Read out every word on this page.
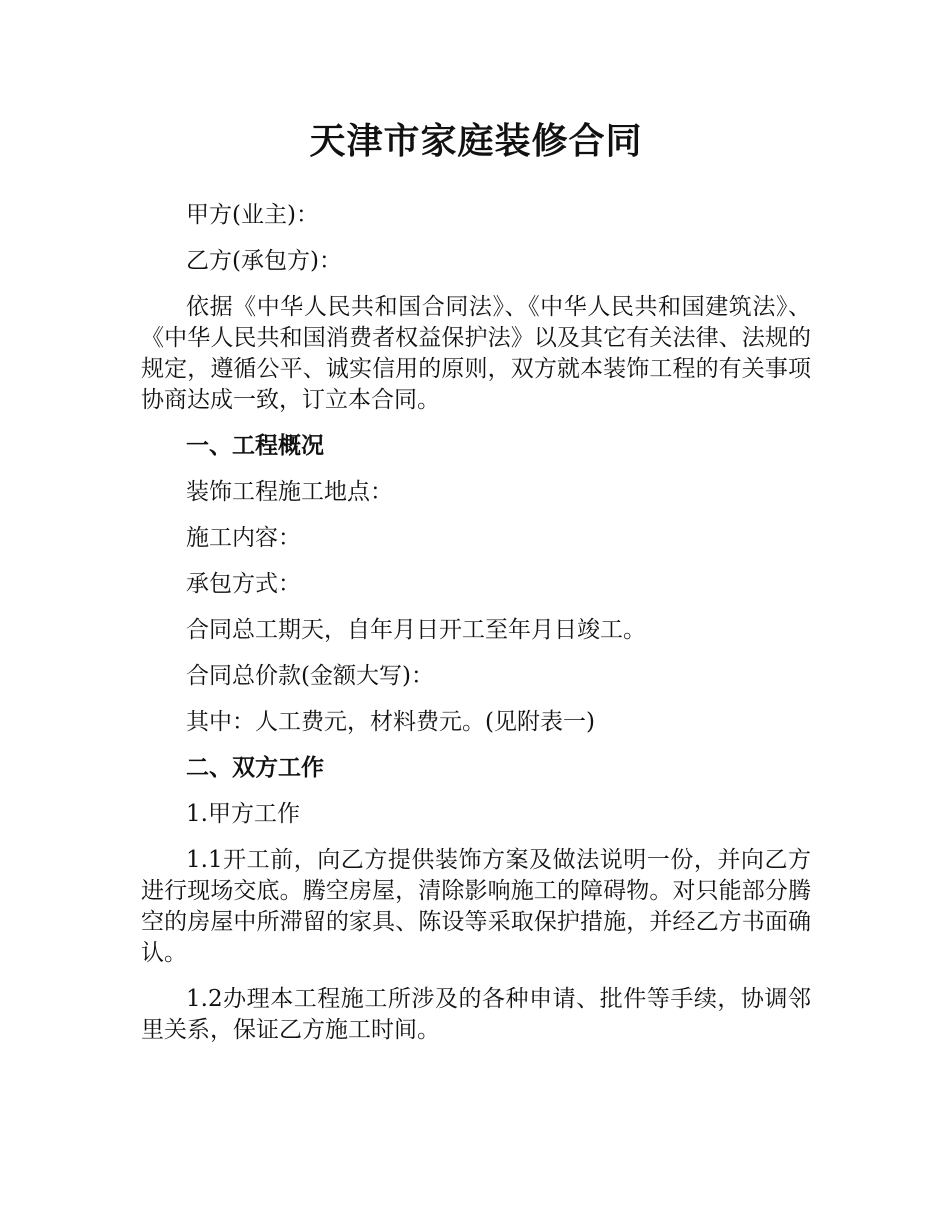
天津市家庭装修合同

甲方(业主)：

乙方(承包方)：

依据《中华人民共和国合同法》、《中华人民共和国建筑法》、《中华人民共和国消费者权益保护法》以及其它有关法律、法规的规定，遵循公平、诚实信用的原则，双方就本装饰工程的有关事项协商达成一致，订立本合同。

一、工程概况

装饰工程施工地点：

施工内容：

承包方式：

合同总工期天，自年月日开工至年月日竣工。

合同总价款(金额大写)：

其中：人工费元，材料费元。(见附表一)

二、双方工作

1.甲方工作

1.1开工前，向乙方提供装饰方案及做法说明一份，并向乙方进行现场交底。腾空房屋，清除影响施工的障碍物。对只能部分腾空的房屋中所滞留的家具、陈设等采取保护措施，并经乙方书面确认。

1.2办理本工程施工所涉及的各种申请、批件等手续，协调邻里关系，保证乙方施工时间。
